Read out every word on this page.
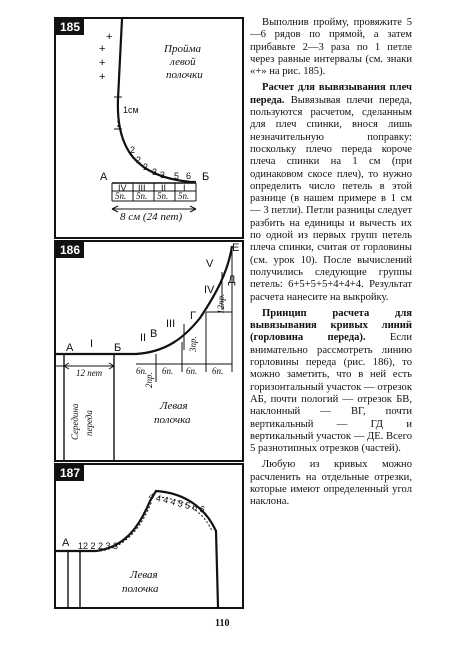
185
+
+
+
+
Пройма
левой
полочки
1см
2
2
2 3 3 5 6
А	Б
IV III II I
5п. 5п. 5п. 5п.
8 см (24 пет)
186
А	Б
В
Г
Д
Е
I	II
III
IV
V
12 пет	6п. 6п. 6п. 6п.
2пр.
3пр.
12пр.
Середина переда
Левая
полочка
187
А 12 2 2 3 3
4 4 4 4 5 5 6 6
Левая
полочка

Выполнив пройму, провяжите 5—6 рядов по прямой, а затем прибавьте 2—3 раза по 1 петле через равные интервалы (см. знаки «+» на рис. 185).

Расчет для вывязывания плеч переда. Вывязывая плечи переда, пользуются расчетом, сделанным для плеч спинки, внося лишь незначительную поправку: поскольку плечо переда короче плеча спинки на 1 см (при одинаковом скосе плеч), то нужно определить число петель в этой разнице (в нашем примере в 1 см — 3 петли). Петли разницы следует разбить на единицы и вычесть их по одной из первых групп петель плеча спинки, считая от горловины (см. урок 10). После вычислений получились следующие группы петель: 6+5+5+5+4+4+4. Результат расчета нанесите на выкройку.

Принцип расчета для вывязывания кривых линий (горловина переда). Если внимательно рассмотреть линию горловины переда (рис. 186), то можно заметить, что в ней есть горизонтальный участок — отрезок АБ, почти пологий — отрезок БВ, наклонный — ВГ, почти вертикальный — ГД и вертикальный участок — ДЕ. Всего 5 разнотипных отрезков (частей).

Любую из кривых можно расчленить на отдельные отрезки, которые имеют определенный угол наклона.

110
